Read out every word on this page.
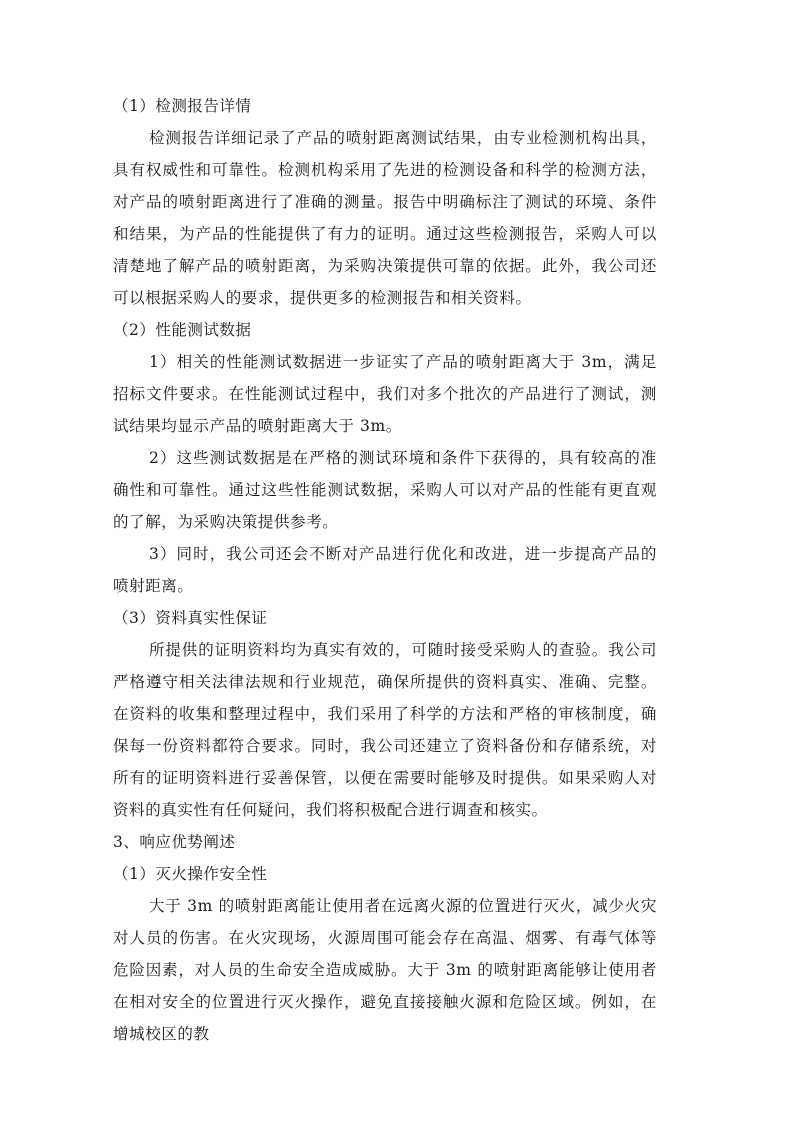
（1）检测报告详情

检测报告详细记录了产品的喷射距离测试结果，由专业检测机构出具，具有权威性和可靠性。检测机构采用了先进的检测设备和科学的检测方法，对产品的喷射距离进行了准确的测量。报告中明确标注了测试的环境、条件和结果，为产品的性能提供了有力的证明。通过这些检测报告，采购人可以清楚地了解产品的喷射距离，为采购决策提供可靠的依据。此外，我公司还可以根据采购人的要求，提供更多的检测报告和相关资料。

（2）性能测试数据

1）相关的性能测试数据进一步证实了产品的喷射距离大于 3m，满足招标文件要求。在性能测试过程中，我们对多个批次的产品进行了测试，测试结果均显示产品的喷射距离大于 3m。

2）这些测试数据是在严格的测试环境和条件下获得的，具有较高的准确性和可靠性。通过这些性能测试数据，采购人可以对产品的性能有更直观的了解，为采购决策提供参考。

3）同时，我公司还会不断对产品进行优化和改进，进一步提高产品的喷射距离。

（3）资料真实性保证

所提供的证明资料均为真实有效的，可随时接受采购人的查验。我公司严格遵守相关法律法规和行业规范，确保所提供的资料真实、准确、完整。在资料的收集和整理过程中，我们采用了科学的方法和严格的审核制度，确保每一份资料都符合要求。同时，我公司还建立了资料备份和存储系统，对所有的证明资料进行妥善保管，以便在需要时能够及时提供。如果采购人对资料的真实性有任何疑问，我们将积极配合进行调查和核实。

3、响应优势阐述
（1）灭火操作安全性

大于 3m 的喷射距离能让使用者在远离火源的位置进行灭火，减少火灾对人员的伤害。在火灾现场，火源周围可能会存在高温、烟雾、有毒气体等危险因素，对人员的生命安全造成威胁。大于 3m 的喷射距离能够让使用者在相对安全的位置进行灭火操作，避免直接接触火源和危险区域。例如，在增城校区的教
